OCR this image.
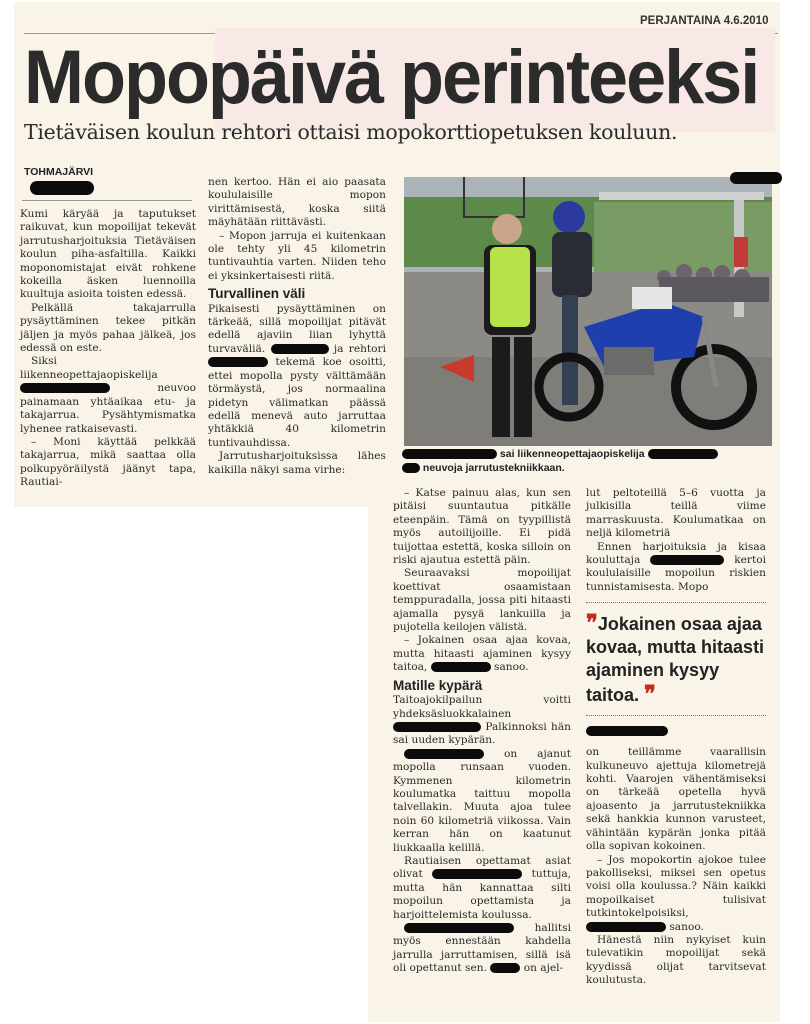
PERJANTAINA 4.6.2010
Mopopäivä perinteeksi
Tietäväisen koulun rehtori ottaisi mopokorttiopetuksen kouluun.
TOHMAJÄRVI

Kumi käryää ja taputukset raikuvat, kun mopoilijat tekevät jarrutusharjoituksia Tietäväisen koulun piha-asfaltilla. Kaikki moponomistajat eivät rohkene kokeilla äsken luennoilla kuultuja asioita toisten edessä.

Pelkällä takajarrulla pysäyttäminen tekee pitkän jäljen ja myös pahaa jälkeä, jos edessä on este.

Siksi liikenneopettajaopiskelija  neuvoo painamaan yhtäaikaa etu- ja takajarrua. Pysähtymismatka lyhenee ratkaisevasti.

– Moni käyttää pelkkää takajarrua, mikä saattaa olla polkupyöräilystä jäänyt tapa, Rautiai-

nen kertoo. Hän ei aio paasata koululaisille mopon virittämisestä, koska siitä mäyhätään riittävästi.

– Mopon jarruja ei kuitenkaan ole tehty yli 45 kilometrin tuntivauhtia varten. Niiden teho ei yksinkertaisesti riitä.

Turvallinen väli

Pikaisesti pysäyttäminen on tärkeää, sillä mopoilijat pitävät edellä ajaviin liian lyhyttä turvaväliä.	ja rehtori  tekemä koe osoitti, ettei mopolla pysty välttämään törmäystä, jos normaalina pidetyn välimatkan päässä edellä menevä auto jarruttaa yhtäkkiä 40 kilometrin tuntivauhdissa.

Jarrutusharjoituksissa lähes kaikilla näkyi sama virhe:

sai liikenneopettajaopiskelija
neuvoja jarrutustekniikkaan.

– Katse painuu alas, kun sen pitäisi suuntautua pitkälle eteenpäin. Tämä on tyypillistä myös autoilijoille. Ei pidä tuijottaa estettä, koska silloin on riski ajautua estettä päin.

Seuraavaksi mopoilijat koettivat osaamistaan temppuradalla, jossa piti hitaasti ajamalla pysyä lankuilla ja pujotella keilojen välistä.

– Jokainen osaa ajaa kovaa, mutta hitaasti ajaminen kysyy taitoa,	sanoo.

Matille kypärä

Taitoajokilpailun voitti yhdeksäsluokkalainen  Palkinnoksi hän sai uuden kypärän.

on ajanut mopolla runsaan vuoden. Kymmenen kilometrin koulumatka taittuu mopolla talvellakin. Muuta ajoa tulee noin 60 kilometriä viikossa. Vain kerran hän on kaatunut liukkaalla kelillä.

Rautiaisen opettamat asiat olivat	tuttuja, mutta hän kannattaa silti mopoilun opettamista ja harjoittelemista koulussa.

hallitsi myös ennestään kahdella jarrulla jarruttamisen, sillä isä oli opettanut sen.	on ajel-

lut peltoteillä 5–6 vuotta ja julkisilla teillä viime marraskuusta. Koulumatkaa on neljä kilometriä

Ennen harjoituksia ja kisaa kouluttaja	kertoi koululaisille mopoilun riskien tunnistamisesta. Mopo

❞Jokainen osaa ajaa kovaa, mutta hitaasti ajaminen kysyy taitoa. ❞

on teillämme vaarallisin kulkuneuvo ajettuja kilometrejä kohti. Vaarojen vähentämiseksi on tärkeää opetella hyvä ajoasento ja jarrutustekniikka sekä hankkia kunnon varusteet, vähintään kypärän jonka pitää olla sopivan kokoinen.

– Jos mopokortin ajokoe tulee pakolliseksi, miksei sen opetus voisi olla koulussa.? Näin kaikki mopoilkaiset tulisivat tutkintokelpoisiksi,  sanoo.

Hänestä niin nykyiset kuin tulevatikin mopoilijat sekä kyydissä olijat tarvitsevat koulutusta.
